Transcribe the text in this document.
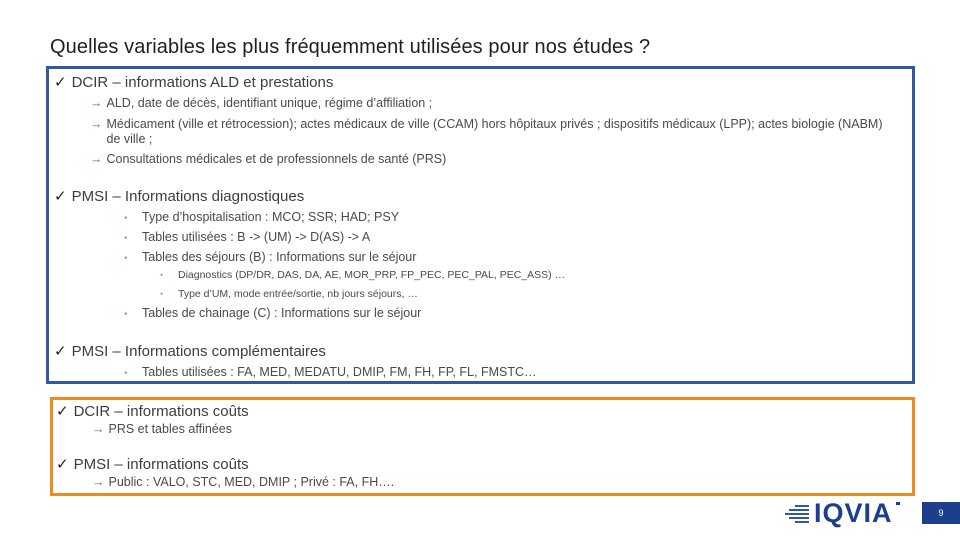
Quelles variables les plus fréquemment utilisées pour nos études ?
✓ DCIR – informations ALD et prestations
→ ALD, date de décès, identifiant unique, régime d’affiliation ;
→ Médicament (ville et rétrocession); actes médicaux de ville (CCAM) hors hôpitaux privés ; dispositifs médicaux (LPP); actes biologie (NABM) de ville ;
→ Consultations médicales et de professionnels de santé (PRS)
✓ PMSI – Informations diagnostiques
• Type d’hospitalisation : MCO; SSR; HAD; PSY
• Tables utilisées : B -> (UM) -> D(AS) -> A
• Tables des séjours (B) : Informations sur le séjour
• Diagnostics (DP/DR, DAS, DA, AE, MOR_PRP, FP_PEC, PEC_PAL, PEC_ASS) …
• Type d’UM, mode entrée/sortie, nb jours séjours, …
• Tables de chainage (C) : Informations sur le séjour
✓ PMSI – Informations complémentaires
• Tables utilisées : FA, MED, MEDATU, DMIP, FM, FH, FP, FL, FMSTC…
✓ DCIR – informations coûts
→ PRS et tables affinées
✓ PMSI – informations coûts
→ Public : VALO, STC, MED, DMIP ; Privé : FA, FH….
IQVIA	9
